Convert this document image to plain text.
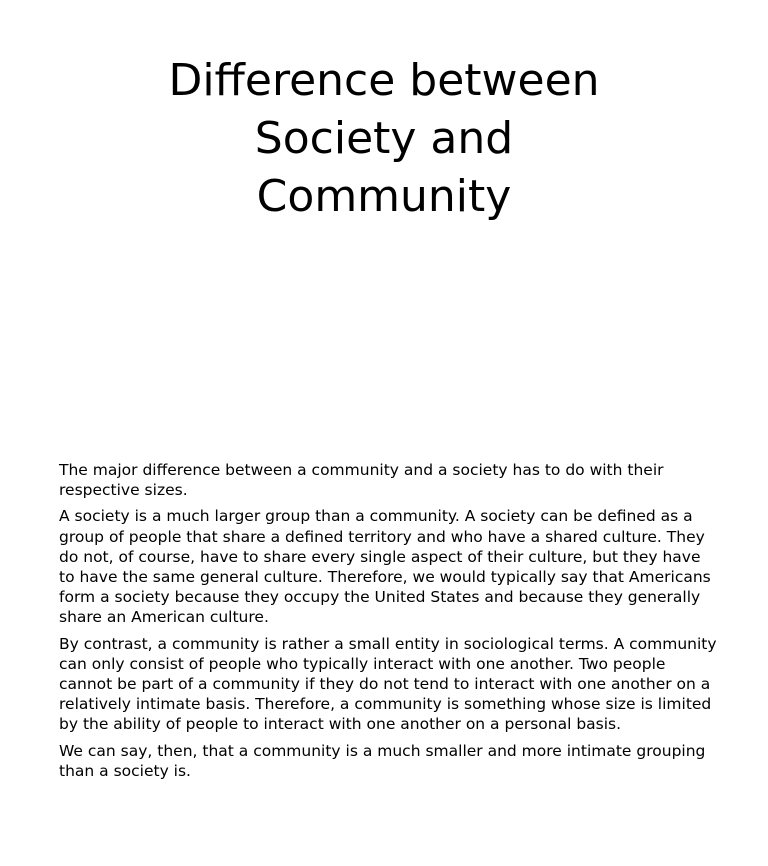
Difference between
Society and
Community

The major difference between a community and a society has to do with their respective sizes.

A society is a much larger group than a community. A society can be defined as a group of people that share a defined territory and who have a shared culture. They do not, of course, have to share every single aspect of their culture, but they have to have the same general culture. Therefore, we would typically say that Americans form a society because they occupy the United States and because they generally share an American culture.

By contrast, a community is rather a small entity in sociological terms. A community can only consist of people who typically interact with one another. Two people cannot be part of a community if they do not tend to interact with one another on a relatively intimate basis. Therefore, a community is something whose size is limited by the ability of people to interact with one another on a personal basis.

We can say, then, that a community is a much smaller and more intimate grouping than a society is.
